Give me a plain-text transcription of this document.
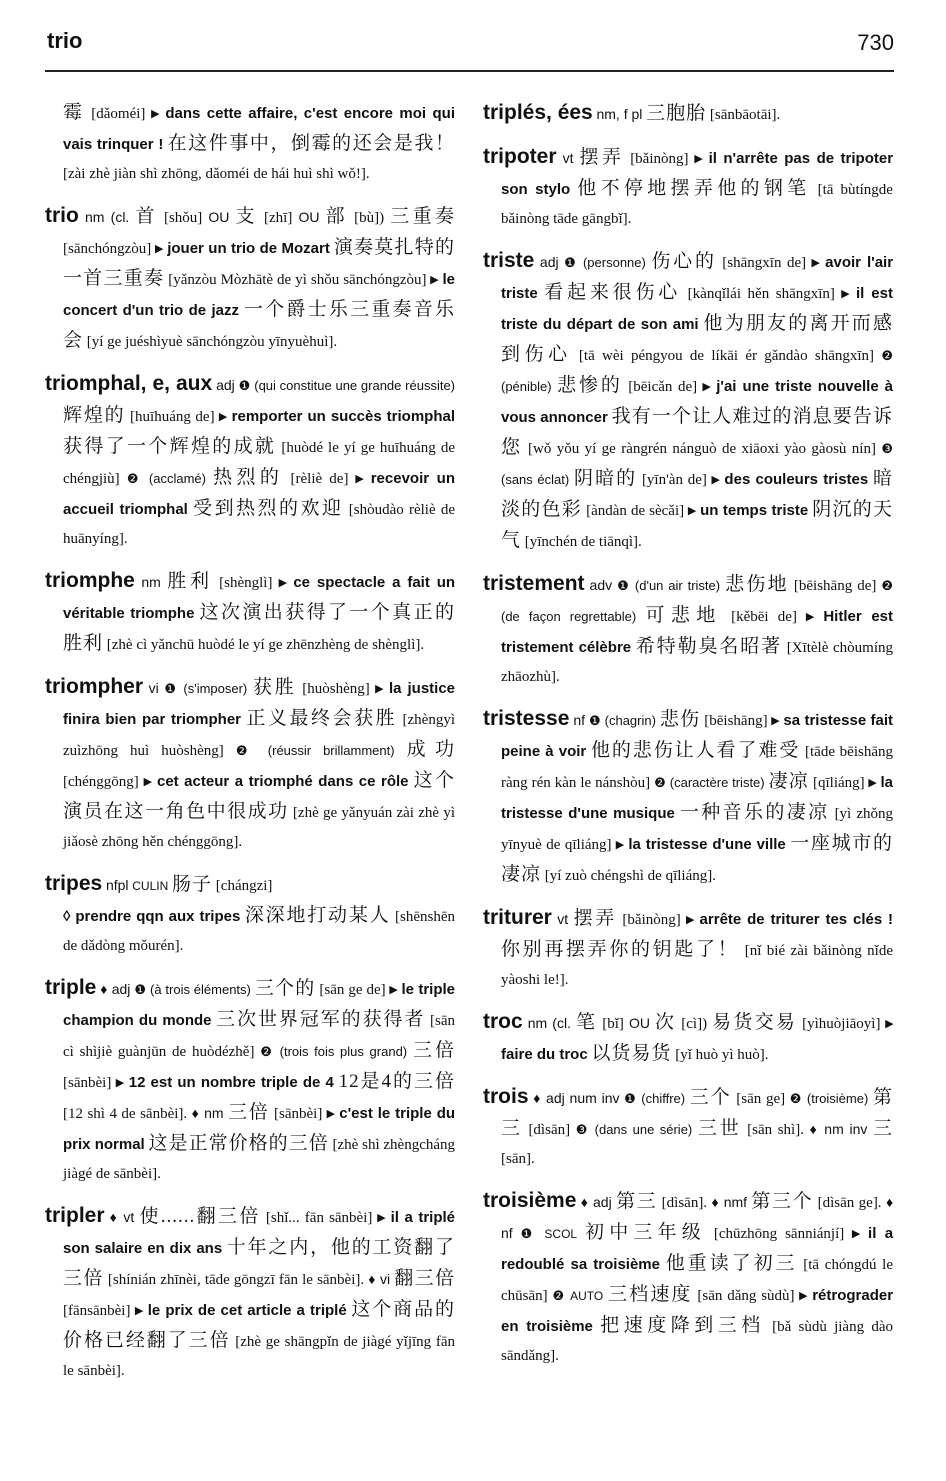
trio	730

霉 [dǎoméi] ▸ dans cette affaire, c'est encore moi qui vais trinquer ! 在这件事中，倒霉的还会是我！ [zài zhè jiàn shì zhōng, dǎoméi de hái huì shì wǒ!].

trio nm (cl. 首 [shǒu] OU 支 [zhī] OU 部 [bù]) 三重奏 [sānchóngzòu] ▸ jouer un trio de Mozart 演奏莫扎特的一首三重奏 [yǎnzòu Mòzhātè de yì shǒu sānchóngzòu] ▸ le concert d'un trio de jazz 一个爵士乐三重奏音乐会 [yí ge juéshìyuè sānchóngzòu yīnyuèhuì].

triomphal, e, aux adj ❶ (qui constitue une grande réussite) 辉煌的 [huīhuáng de] ▸ remporter un succès triomphal 获得了一个辉煌的成就 [huòdé le yí ge huīhuáng de chéngjiù] ❷ (acclamé) 热烈的 [rèliè de] ▸ recevoir un accueil triomphal 受到热烈的欢迎 [shòudào rèliè de huānyíng].

triomphe nm 胜利 [shènglì] ▸ ce spectacle a fait un véritable triomphe 这次演出获得了一个真正的胜利 [zhè cì yǎnchū huòdé le yí ge zhēnzhèng de shènglì].

triompher vi ❶ (s'imposer) 获胜 [huòshèng] ▸ la justice finira bien par triompher 正义最终会获胜 [zhèngyì zuìzhōng huì huòshèng] ❷ (réussir brillamment) 成功 [chénggōng] ▸ cet acteur a triomphé dans ce rôle 这个演员在这一角色中很成功 [zhè ge yǎnyuán zài zhè yì jiǎosè zhōng hěn chénggōng].

tripes nfpl CULIN 肠子 [chángzi]
◊ prendre qqn aux tripes 深深地打动某人 [shēnshēn de dǎdòng mǒurén].

triple ♦ adj ❶ (à trois éléments) 三个的 [sān ge de] ▸ le triple champion du monde 三次世界冠军的获得者 [sān cì shìjiè guànjūn de huòdézhě] ❷ (trois fois plus grand) 三倍 [sānbèi] ▸ 12 est un nombre triple de 4 12是4的三倍 [12 shì 4 de sānbèi]. ♦ nm 三倍 [sānbèi] ▸ c'est le triple du prix normal 这是正常价格的三倍 [zhè shì zhèngcháng jiàgé de sānbèi].

tripler ♦ vt 使......翻三倍 [shǐ... fān sānbèi] ▸ il a triplé son salaire en dix ans 十年之内，他的工资翻了三倍 [shínián zhīnèi, tāde gōngzī fān le sānbèi]. ♦ vi 翻三倍 [fānsānbèi] ▸ le prix de cet article a triplé 这个商品的价格已经翻了三倍 [zhè ge shāngpǐn de jiàgé yǐjīng fān le sānbèi].

triplés, ées nm, f pl 三胞胎 [sānbāotāi].

tripoter vt 摆弄 [bǎinòng] ▸ il n'arrête pas de tripoter son stylo 他不停地摆弄他的钢笔 [tā bùtíngde bǎinòng tāde gāngbǐ].

triste adj ❶ (personne) 伤心的 [shāngxīn de] ▸ avoir l'air triste 看起来很伤心 [kànqǐlái hěn shāngxīn] ▸ il est triste du départ de son ami 他为朋友的离开而感到伤心 [tā wèi péngyou de líkāi ér gǎndào shāngxīn] ❷ (pénible) 悲惨的 [bēicǎn de] ▸ j'ai une triste nouvelle à vous annoncer 我有一个让人难过的消息要告诉您 [wǒ yǒu yí ge ràngrén nánguò de xiāoxi yào gàosù nín] ❸ (sans éclat) 阴暗的 [yīn'àn de] ▸ des couleurs tristes 暗淡的色彩 [àndàn de sècǎi] ▸ un temps triste 阴沉的天气 [yīnchén de tiānqì].

tristement adv ❶ (d'un air triste) 悲伤地 [bēishāng de] ❷ (de façon regrettable) 可悲地 [kěbēi de] ▸ Hitler est tristement célèbre 希特勒臭名昭著 [Xītèlè chòumíng zhāozhù].

tristesse nf ❶ (chagrin) 悲伤 [bēishāng] ▸ sa tristesse fait peine à voir 他的悲伤让人看了难受 [tāde bēishāng ràng rén kàn le nánshòu] ❷ (caractère triste) 凄凉 [qīliáng] ▸ la tristesse d'une musique 一种音乐的凄凉 [yì zhǒng yīnyuè de qīliáng] ▸ la tristesse d'une ville 一座城市的凄凉 [yí zuò chéngshì de qīliáng].

triturer vt 摆弄 [bǎinòng] ▸ arrête de triturer tes clés ! 你别再摆弄你的钥匙了！ [nǐ bié zài bǎinòng nǐde yàoshi le!].

troc nm (cl. 笔 [bǐ] OU 次 [cì]) 易货交易 [yìhuòjiāoyì] ▸ faire du troc 以货易货 [yǐ huò yì huò].

trois ♦ adj num inv ❶ (chiffre) 三个 [sān ge] ❷ (troisième) 第三 [dìsān] ❸ (dans une série) 三世 [sān shì]. ♦ nm inv 三 [sān].

troisième ♦ adj 第三 [dìsān]. ♦ nmf 第三个 [dìsān ge]. ♦ nf ❶ SCOL 初中三年级 [chūzhōng sānniánjí] ▸ il a redoublé sa troisième 他重读了初三 [tā chóngdú le chūsān] ❷ AUTO 三档速度 [sān dǎng sùdù] ▸ rétrograder en troisième 把速度降到三档 [bǎ sùdù jiàng dào sāndǎng].
